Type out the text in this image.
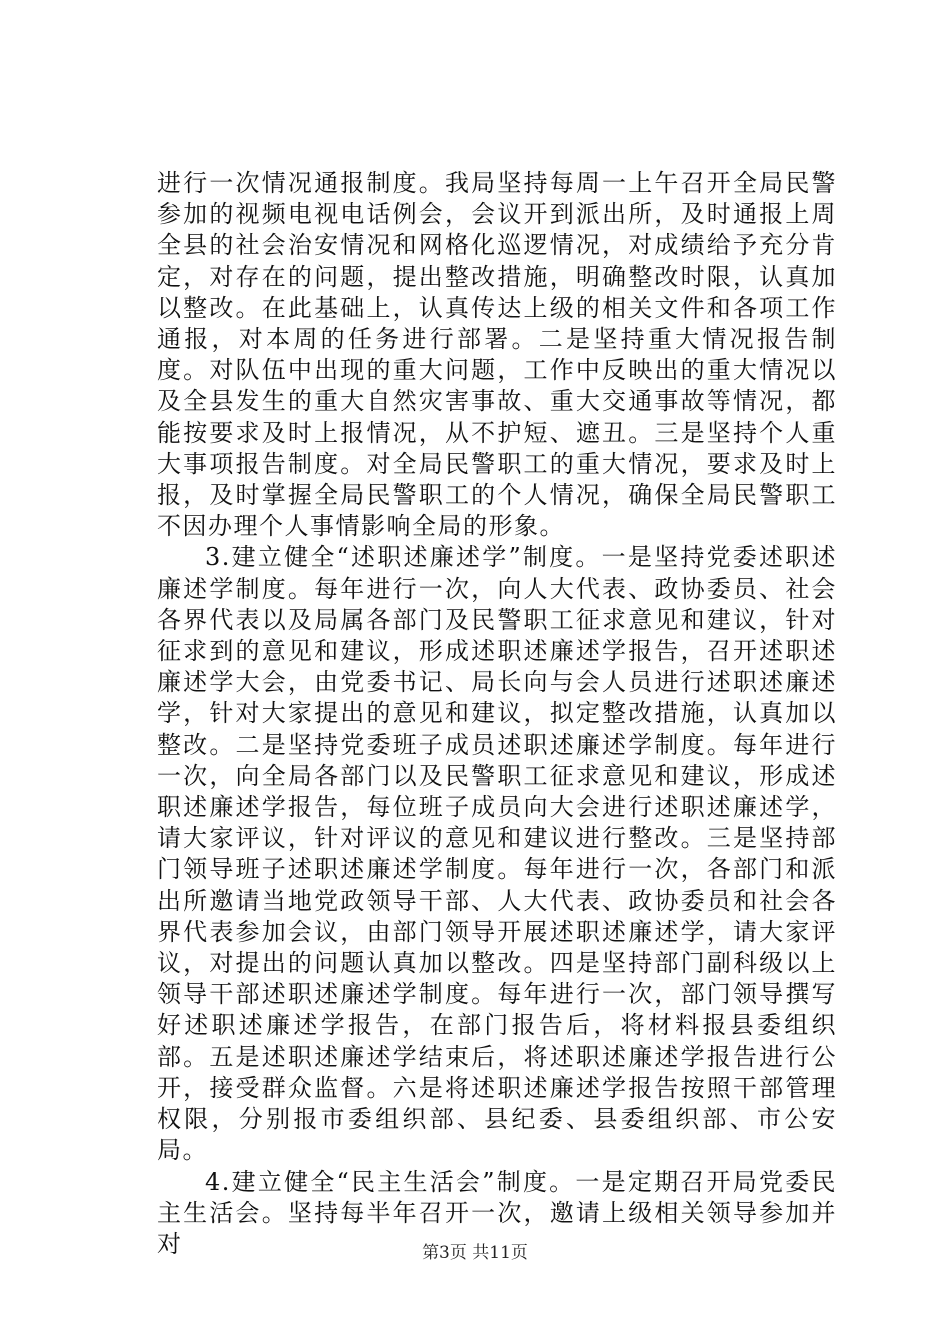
进行一次情况通报制度。我局坚持每周一上午召开全局民警参加的视频电视电话例会，会议开到派出所，及时通报上周全县的社会治安情况和网格化巡逻情况，对成绩给予充分肯定，对存在的问题，提出整改措施，明确整改时限，认真加以整改。在此基础上，认真传达上级的相关文件和各项工作通报，对本周的任务进行部署。二是坚持重大情况报告制度。对队伍中出现的重大问题，工作中反映出的重大情况以及全县发生的重大自然灾害事故、重大交通事故等情况，都能按要求及时上报情况，从不护短、遮丑。三是坚持个人重大事项报告制度。对全局民警职工的重大情况，要求及时上报，及时掌握全局民警职工的个人情况，确保全局民警职工不因办理个人事情影响全局的形象。

3.建立健全“述职述廉述学”制度。一是坚持党委述职述廉述学制度。每年进行一次，向人大代表、政协委员、社会各界代表以及局属各部门及民警职工征求意见和建议，针对征求到的意见和建议，形成述职述廉述学报告，召开述职述廉述学大会，由党委书记、局长向与会人员进行述职述廉述学，针对大家提出的意见和建议，拟定整改措施，认真加以整改。二是坚持党委班子成员述职述廉述学制度。每年进行一次，向全局各部门以及民警职工征求意见和建议，形成述职述廉述学报告，每位班子成员向大会进行述职述廉述学，请大家评议，针对评议的意见和建议进行整改。三是坚持部门领导班子述职述廉述学制度。每年进行一次，各部门和派出所邀请当地党政领导干部、人大代表、政协委员和社会各界代表参加会议，由部门领导开展述职述廉述学，请大家评议，对提出的问题认真加以整改。四是坚持部门副科级以上领导干部述职述廉述学制度。每年进行一次，部门领导撰写好述职述廉述学报告，在部门报告后，将材料报县委组织部。五是述职述廉述学结束后，将述职述廉述学报告进行公开，接受群众监督。六是将述职述廉述学报告按照干部管理权限，分别报市委组织部、县纪委、县委组织部、市公安局。

4.建立健全“民主生活会”制度。一是定期召开局党委民主生活会。坚持每半年召开一次，邀请上级相关领导参加并对	第3页 共11页
